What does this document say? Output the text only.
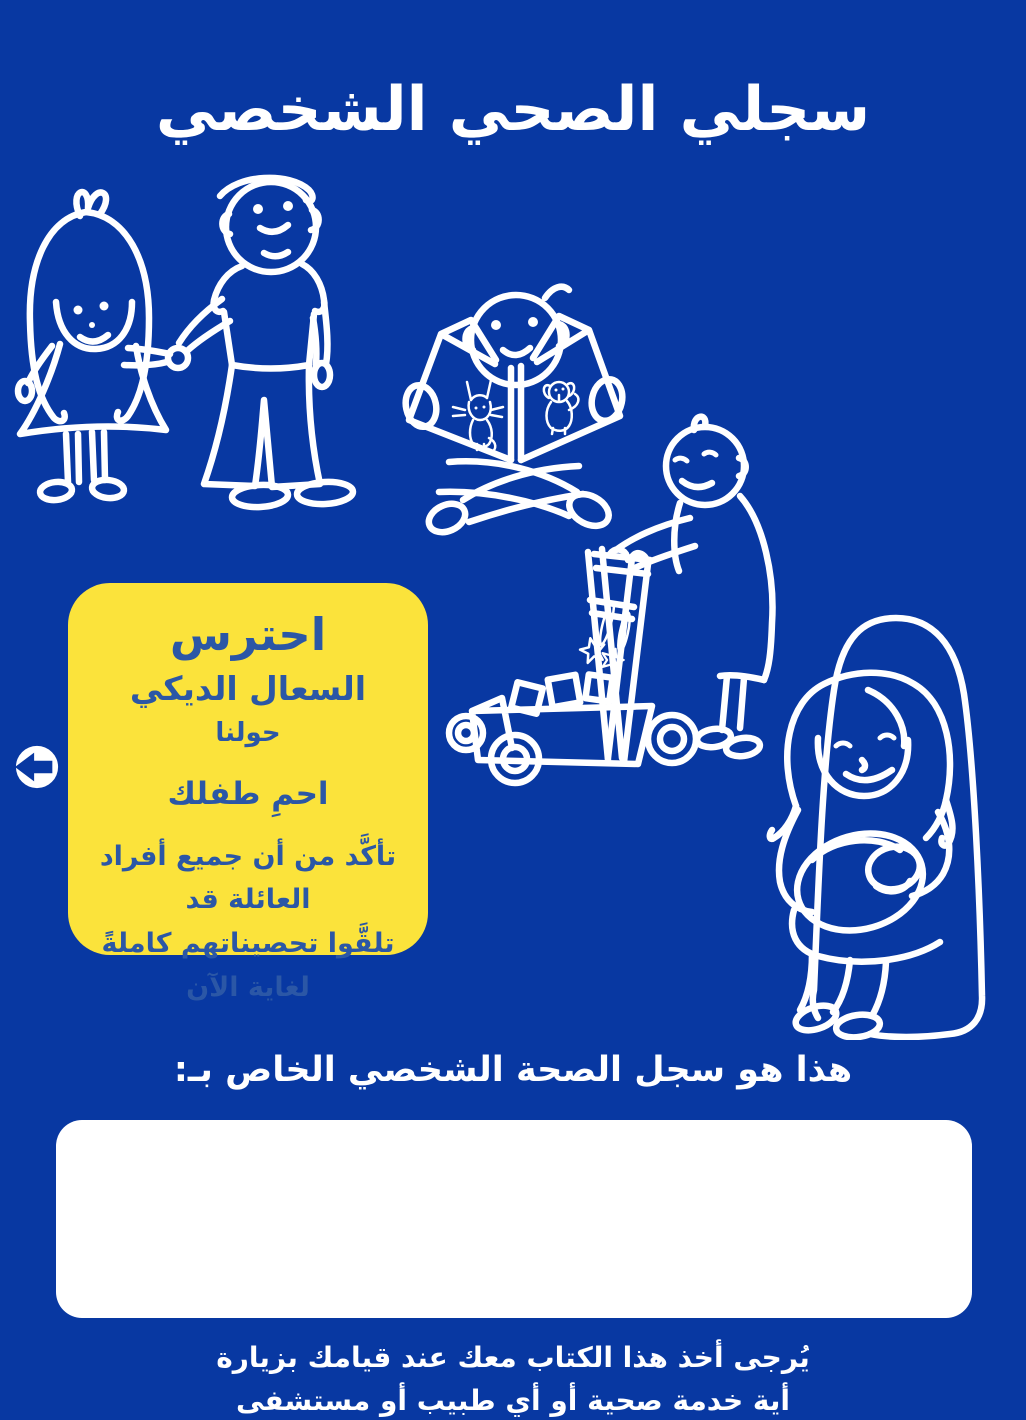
سجلي الصحي الشخصي
احترس
السعال الديكي
حولنا
احمِ طفلك
تأكَّد من أن جميع أفراد العائلة قد
تلقَّوا تحصيناتهم كاملةً لغاية الآن
هذا هو سجل الصحة الشخصي الخاص بـ:
يُرجى أخذ هذا الكتاب معك عند قيامك بزيارة
أية خدمة صحية أو أي طبيب أو مستشفى
